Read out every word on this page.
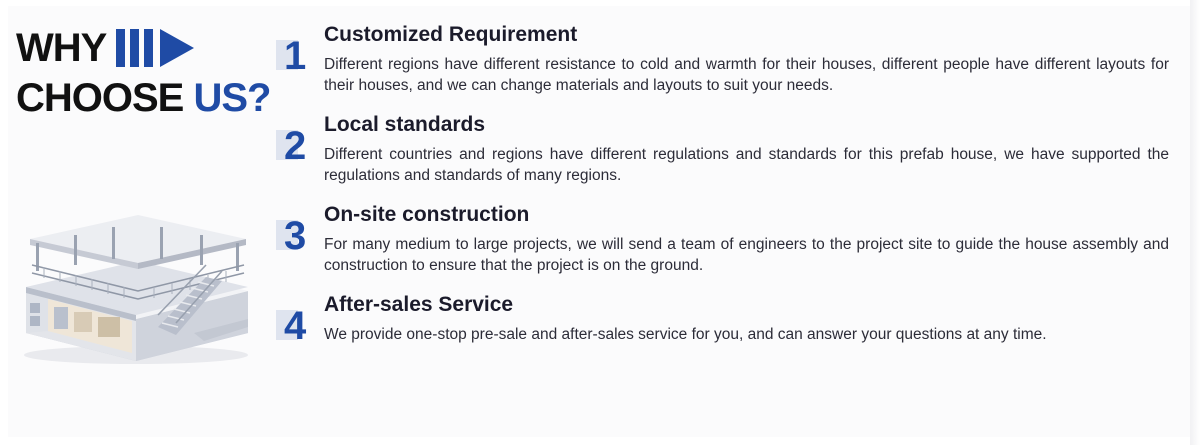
WHY
CHOOSE US?
1 Customized Requirement

Different regions have different resistance to cold and warmth for their houses, different people have different layouts for their houses, and we can change materials and layouts to suit your needs.

2 Local standards

Different countries and regions have different regulations and standards for this prefab house, we have supported the regulations and standards of many regions.

3 On-site construction

For many medium to large projects, we will send a team of engineers to the project site to guide the house assembly and construction to ensure that the project is on the ground.

4 After-sales Service

We provide one-stop pre-sale and after-sales service for you, and can answer your questions at any time.
